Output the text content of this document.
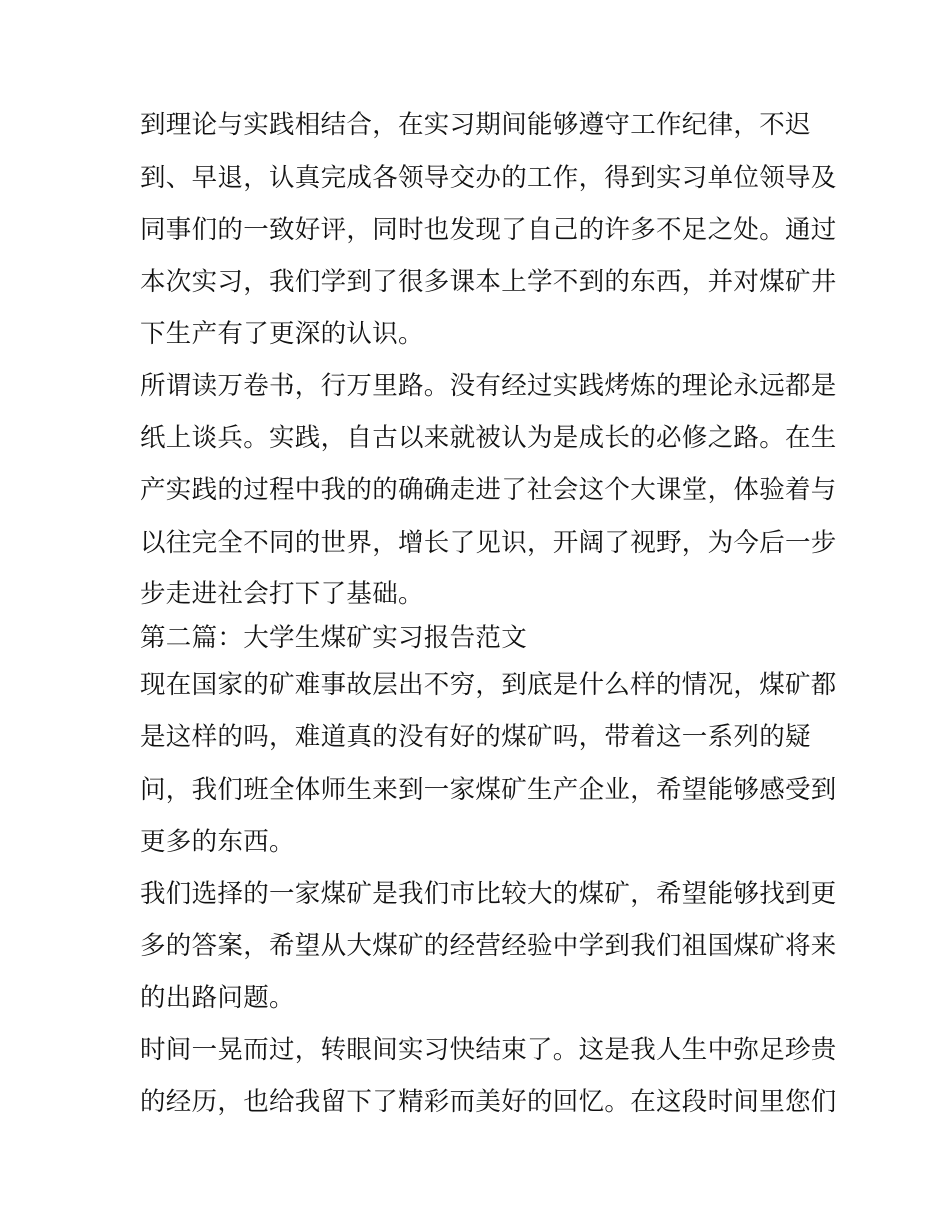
到理论与实践相结合，在实习期间能够遵守工作纪律，不迟
到、早退，认真完成各领导交办的工作，得到实习单位领导及
同事们的一致好评，同时也发现了自己的许多不足之处。通过
本次实习，我们学到了很多课本上学不到的东西，并对煤矿井
下生产有了更深的认识。
所谓读万卷书，行万里路。没有经过实践烤炼的理论永远都是
纸上谈兵。实践，自古以来就被认为是成长的必修之路。在生
产实践的过程中我的的确确走进了社会这个大课堂，体验着与
以往完全不同的世界，增长了见识，开阔了视野，为今后一步
步走进社会打下了基础。
第二篇：大学生煤矿实习报告范文
现在国家的矿难事故层出不穷，到底是什么样的情况，煤矿都
是这样的吗，难道真的没有好的煤矿吗，带着这一系列的疑
问，我们班全体师生来到一家煤矿生产企业，希望能够感受到
更多的东西。
我们选择的一家煤矿是我们市比较大的煤矿，希望能够找到更
多的答案，希望从大煤矿的经营经验中学到我们祖国煤矿将来
的出路问题。
时间一晃而过，转眼间实习快结束了。这是我人生中弥足珍贵
的经历，也给我留下了精彩而美好的回忆。在这段时间里您们
